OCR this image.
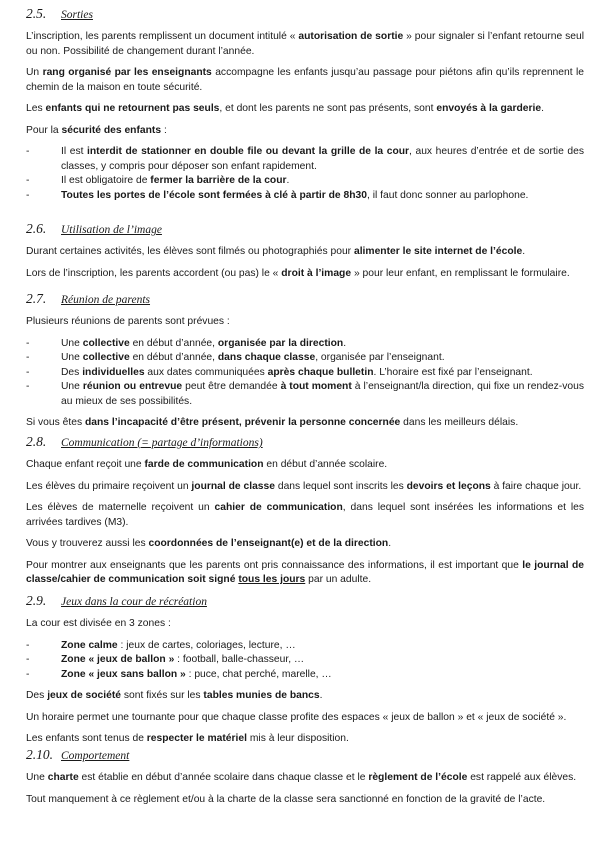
2.5.	Sorties

L’inscription, les parents remplissent un document intitulé « autorisation de sortie » pour signaler si l’enfant retourne seul ou non. Possibilité de changement durant l’année.

Un rang organisé par les enseignants accompagne les enfants jusqu’au passage pour piétons afin qu’ils reprennent le chemin de la maison en toute sécurité.

Les enfants qui ne retournent pas seuls, et dont les parents ne sont pas présents, sont envoyés à la garderie.

Pour la sécurité des enfants :

-	Il est interdit de stationner en double file ou devant la grille de la cour, aux heures d’entrée et de sortie des classes, y compris pour déposer son enfant rapidement.
-	Il est obligatoire de fermer la barrière de la cour.
-	Toutes les portes de l’école sont fermées à clé à partir de 8h30, il faut donc sonner au parlophone.
2.6.	Utilisation de l’image

Durant certaines activités, les élèves sont filmés ou photographiés pour alimenter le site internet de l’école.

Lors de l’inscription, les parents accordent (ou pas) le « droit à l’image » pour leur enfant, en remplissant le formulaire.

2.7.	Réunion de parents

Plusieurs réunions de parents sont prévues :

-	Une collective en début d’année, organisée par la direction.
-	Une collective en début d’année, dans chaque classe, organisée par l’enseignant.
-	Des individuelles aux dates communiquées après chaque bulletin. L’horaire est fixé par l’enseignant.
-	Une réunion ou entrevue peut être demandée à tout moment à l’enseignant/la direction, qui fixe un rendez-vous au mieux de ses possibilités.

Si vous êtes dans l’incapacité d’être présent, prévenir la personne concernée dans les meilleurs délais.

2.8.	Communication (= partage d’informations)

Chaque enfant reçoit une farde de communication en début d’année scolaire.

Les élèves du primaire reçoivent un journal de classe dans lequel sont inscrits les devoirs et leçons à faire chaque jour.

Les élèves de maternelle reçoivent un cahier de communication, dans lequel sont insérées les informations et les arrivées tardives (M3).

Vous y trouverez aussi les coordonnées de l’enseignant(e) et de la direction.

Pour montrer aux enseignants que les parents ont pris connaissance des informations, il est important que le journal de classe/cahier de communication soit signé tous les jours par un adulte.

2.9.	Jeux dans la cour de récréation

La cour est divisée en 3 zones :

-	Zone calme : jeux de cartes, coloriages, lecture, …
-	Zone « jeux de ballon » : football, balle-chasseur, …
-	Zone « jeux sans ballon » : puce, chat perché, marelle, …

Des jeux de société sont fixés sur les tables munies de bancs.

Un horaire permet une tournante pour que chaque classe profite des espaces « jeux de ballon » et « jeux de société ».

Les enfants sont tenus de respecter le matériel mis à leur disposition.

2.10. Comportement

Une charte est établie en début d’année scolaire dans chaque classe et le règlement de l’école est rappelé aux élèves.

Tout manquement à ce règlement et/ou à la charte de la classe sera sanctionné en fonction de la gravité de l’acte.
